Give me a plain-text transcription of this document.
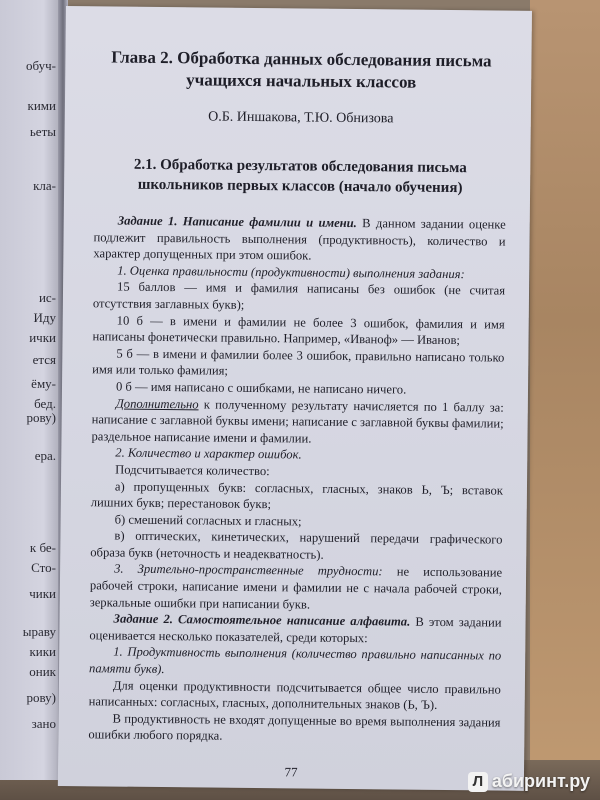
обуч-
кими
ьеты
кла-
ис-
Иду
ички
ется
ёму-
бед.
рову)
ера.
к бе-
Сто-
чики
ыраву
кики
оник
рову)
зано
Глава 2. Обработка данных обследования письма учащихся начальных классов
О.Б. Иншакова, Т.Ю. Обнизова
2.1. Обработка результатов обследования письма школьников первых классов (начало обучения)

Задание 1. Написание фамилии и имени. В данном задании оценке подлежит правильность выполнения (продуктивность), количество и характер допущенных при этом ошибок.

1. Оценка правильности (продуктивности) выполнения задания:

15 баллов — имя и фамилия написаны без ошибок (не считая отсутствия заглавных букв);

10 б — в имени и фамилии не более 3 ошибок, фамилия и имя написаны фонетически правильно. Например, «Иваноф» — Иванов;

5 б — в имени и фамилии более 3 ошибок, правильно написано только имя или только фамилия;

0 б — имя написано с ошибками, не написано ничего.

Дополнительно к полученному результату начисляется по 1 баллу за: написание с заглавной буквы имени; написание с заглавной буквы фамилии; раздельное написание имени и фамилии.

2. Количество и характер ошибок.

Подсчитывается количество:

а) пропущенных букв: согласных, гласных, знаков Ь, Ъ; вставок лишних букв; перестановок букв;

б) смешений согласных и гласных;

в) оптических, кинетических, нарушений передачи графического образа букв (неточность и неадекватность).

3. Зрительно-пространственные трудности: не использование рабочей строки, написание имени и фамилии не с начала рабочей строки, зеркальные ошибки при написании букв.

Задание 2. Самостоятельное написание алфавита. В этом задании оценивается несколько показателей, среди которых:

1. Продуктивность выполнения (количество правильно написанных по памяти букв).

Для оценки продуктивности подсчитывается общее число правильно написанных: согласных, гласных, дополнительных знаков (Ь, Ъ).

В продуктивность не входят допущенные во время выполнения задания ошибки любого порядка.

77
Л абиринт.ру
